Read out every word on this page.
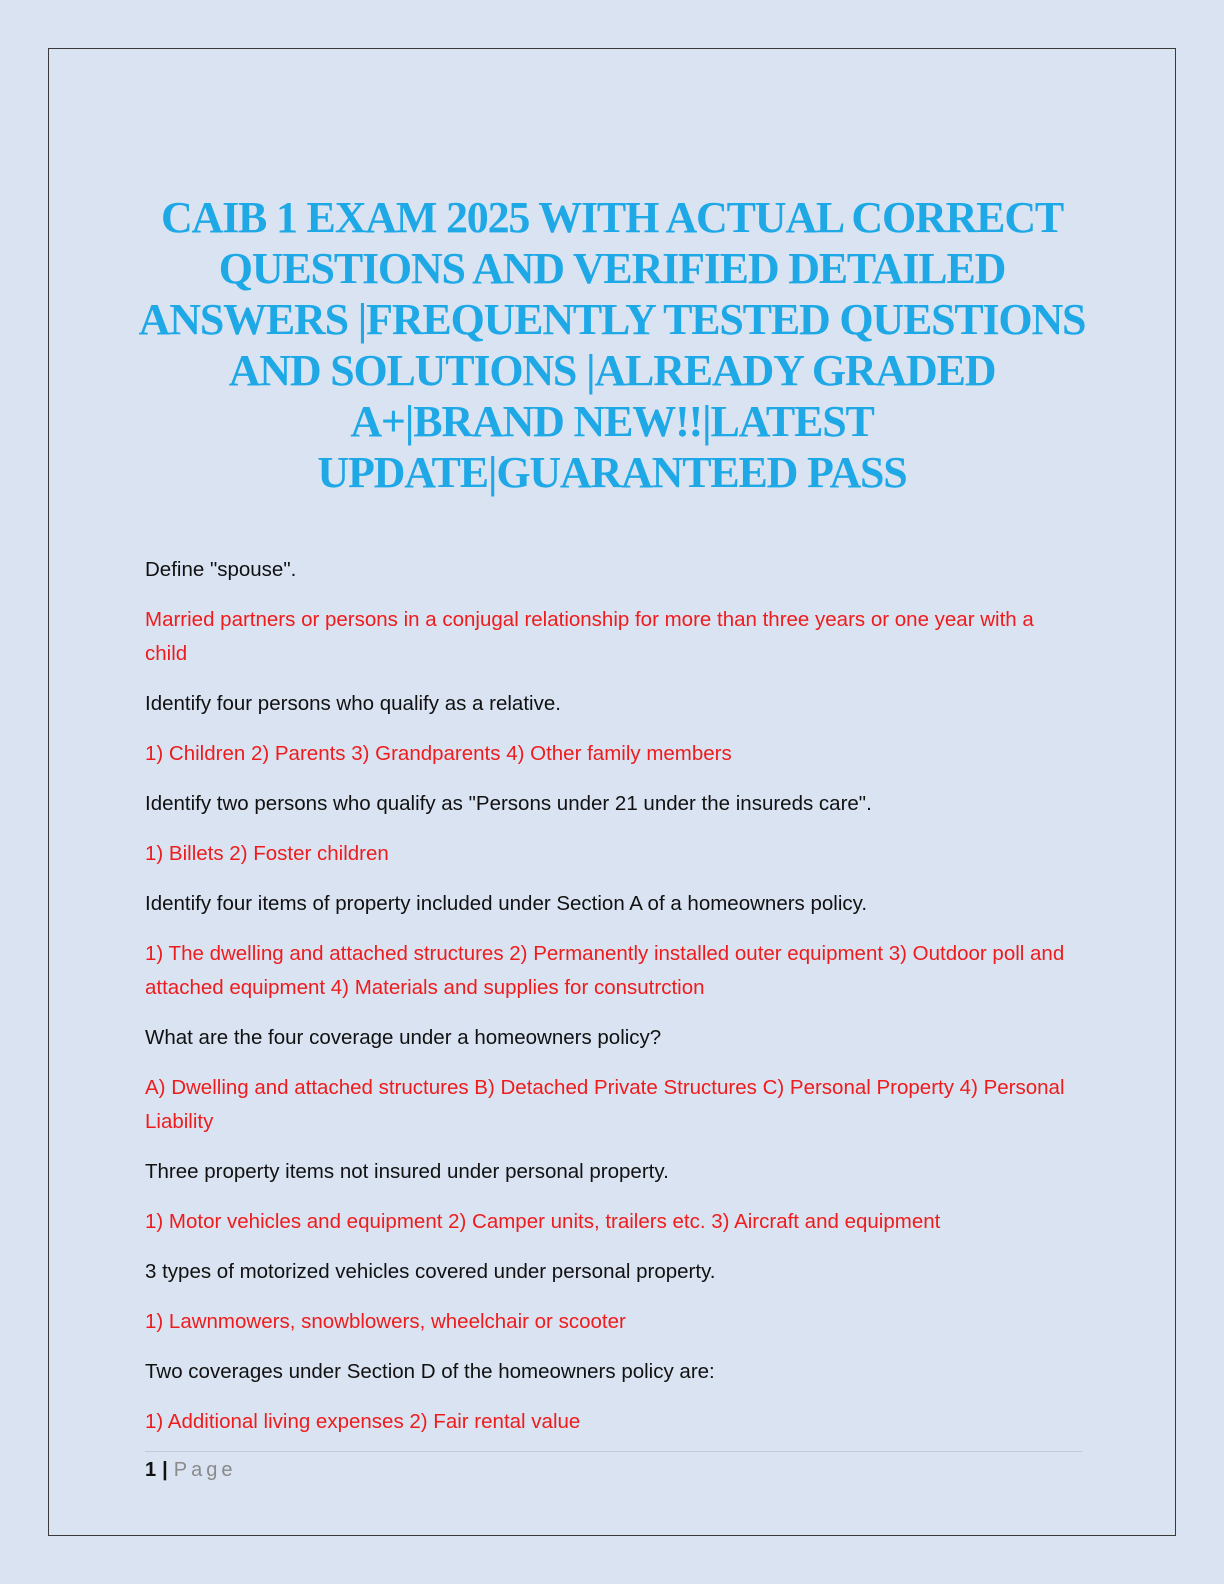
CAIB 1 EXAM 2025 WITH ACTUAL CORRECT QUESTIONS AND VERIFIED DETAILED ANSWERS |FREQUENTLY TESTED QUESTIONS AND SOLUTIONS |ALREADY GRADED A+|BRAND NEW!!|LATEST UPDATE|GUARANTEED PASS

Define "spouse".

Married partners or persons in a conjugal relationship for more than three years or one year with a child

Identify four persons who qualify as a relative.

1) Children 2) Parents 3) Grandparents 4) Other family members

Identify two persons who qualify as "Persons under 21 under the insureds care".

1) Billets 2) Foster children

Identify four items of property included under Section A of a homeowners policy.

1) The dwelling and attached structures 2) Permanently installed outer equipment 3) Outdoor poll and attached equipment 4) Materials and supplies for consutrction

What are the four coverage under a homeowners policy?

A) Dwelling and attached structures B) Detached Private Structures C) Personal Property 4) Personal Liability

Three property items not insured under personal property.

1) Motor vehicles and equipment 2) Camper units, trailers etc. 3) Aircraft and equipment

3 types of motorized vehicles covered under personal property.

1) Lawnmowers, snowblowers, wheelchair or scooter

Two coverages under Section D of the homeowners policy are:

1) Additional living expenses 2) Fair rental value

1 | Page
